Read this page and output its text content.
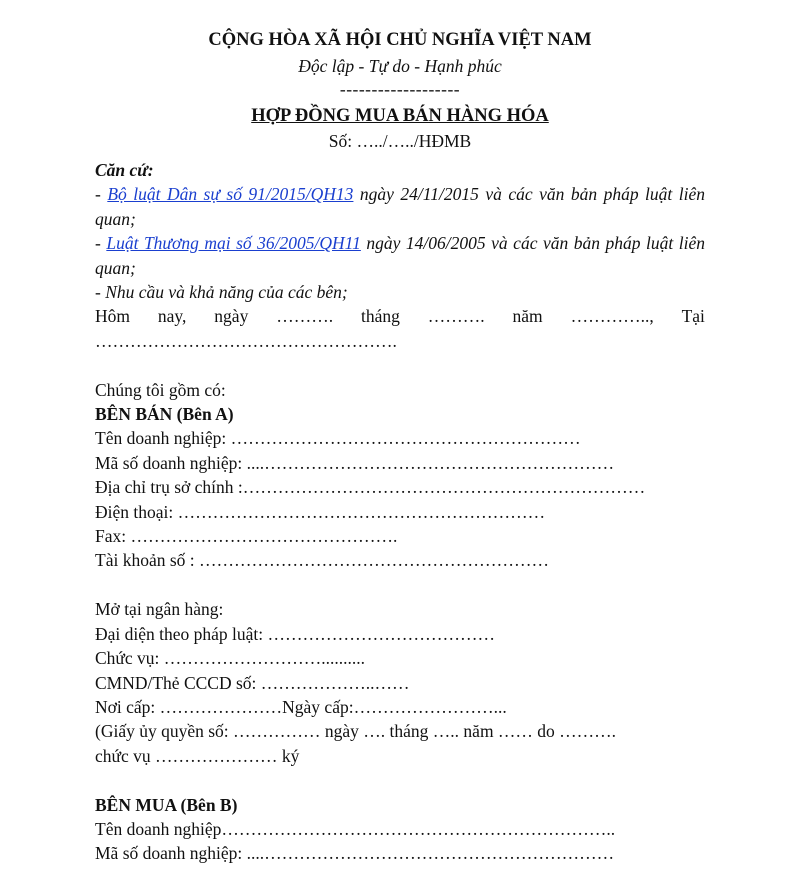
CỘNG HÒA XÃ HỘI CHỦ NGHĨA VIỆT NAM
Độc lập - Tự do - Hạnh phúc
-------------------
HỢP ĐỒNG MUA BÁN HÀNG HÓA
Số: …../…../HĐMB
Căn cứ:
- Bộ luật Dân sự số 91/2015/QH13 ngày 24/11/2015 và các văn bản pháp luật liên quan;
- Luật Thương mại số 36/2005/QH11 ngày 14/06/2005 và các văn bản pháp luật liên quan;
- Nhu cầu và khả năng của các bên;
Hôm nay, ngày ………. tháng ………. năm ………….., Tại
…………………………………………….
Chúng tôi gồm có:
BÊN BÁN (Bên A)
Tên doanh nghiệp: ……………………………………………………
Mã số doanh nghiệp: ....……………………………………………………
Địa chỉ trụ sở chính :……………………………………………………………
Điện thoại: ………………………………………………………
Fax: ……………………………………….
Tài khoản số : ……………………………………………………
Mở tại ngân hàng:
Đại diện theo pháp luật: …………………………………
Chức vụ: ………………………..........
CMND/Thẻ CCCD số: ………………..……
Nơi cấp: …………………Ngày cấp:……………………...
(Giấy ủy quyền số: …………… ngày …. tháng ….. năm …… do ……….
chức vụ ………………… ký
BÊN MUA (Bên B)
Tên doanh nghiệp…………………………………………………………..
Mã số doanh nghiệp: ....……………………………………………………
